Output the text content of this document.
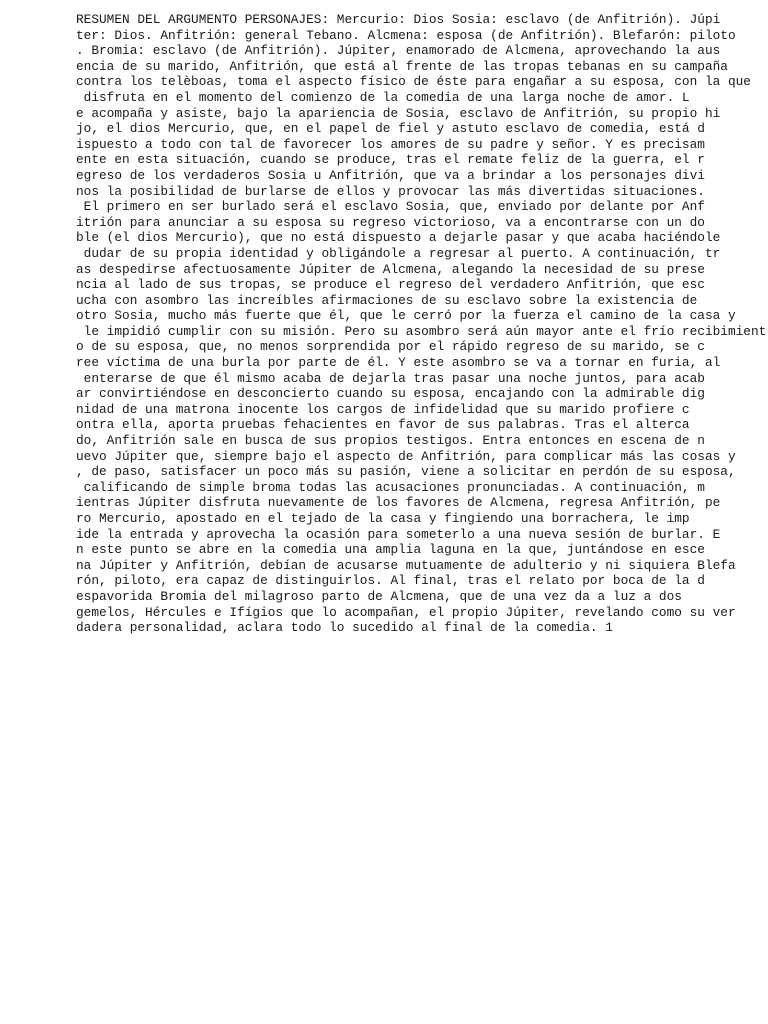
RESUMEN DEL ARGUMENTO PERSONAJES: Mercurio: Dios Sosia: esclavo (de Anfitrión). Júpi
ter: Dios. Anfitrión: general Tebano. Alcmena: esposa (de Anfitrión). Blefarón: piloto
. Bromia: esclavo (de Anfitrión). Júpiter, enamorado de Alcmena, aprovechando la aus
encia de su marido, Anfitrión, que está al frente de las tropas tebanas en su campaña
contra los telèboas, toma el aspecto físico de éste para engañar a su esposa, con la que
disfruta en el momento del comienzo de la comedia de una larga noche de amor. L
e acompaña y asiste, bajo la apariencia de Sosia, esclavo de Anfitrión, su propio hi
jo, el dios Mercurio, que, en el papel de fiel y astuto esclavo de comedia, está d
ispuesto a todo con tal de favorecer los amores de su padre y señor. Y es precisam
ente en esta situación, cuando se produce, tras el remate feliz de la guerra, el r
egreso de los verdaderos Sosia u Anfitrión, que va a brindar a los personajes divi
nos la posibilidad de burlarse de ellos y provocar las más divertidas situaciones.
El primero en ser burlado será el esclavo Sosia, que, enviado por delante por Anf
itrión para anunciar a su esposa su regreso victorioso, va a encontrarse con un do
ble (el dios Mercurio), que no está dispuesto a dejarle pasar y que acaba haciéndole
dudar de su propia identidad y obligándole a regresar al puerto. A continuación, tr
as despedirse afectuosamente Júpiter de Alcmena, alegando la necesidad de su prese
ncia al lado de sus tropas, se produce el regreso del verdadero Anfitrión, que esc
ucha con asombro las increíbles afirmaciones de su esclavo sobre la existencia de
otro Sosia, mucho más fuerte que él, que le cerró por la fuerza el camino de la casa y
le impidió cumplir con su misión. Pero su asombro será aún mayor ante el frío recibimient
o de su esposa, que, no menos sorprendida por el rápido regreso de su marido, se c
ree víctima de una burla por parte de él. Y este asombro se va a tornar en furia, al
enterarse de que él mismo acaba de dejarla tras pasar una noche juntos, para acab
ar convirtiéndose en desconcierto cuando su esposa, encajando con la admirable dig
nidad de una matrona inocente los cargos de infidelidad que su marido profiere c
ontra ella, aporta pruebas fehacientes en favor de sus palabras. Tras el alterca
do, Anfitrión sale en busca de sus propios testigos. Entra entonces en escena de n
uevo Júpiter que, siempre bajo el aspecto de Anfitrión, para complicar más las cosas y
, de paso, satisfacer un poco más su pasión, viene a solicitar en perdón de su esposa,
calificando de simple broma todas las acusaciones pronunciadas. A continuación, m
ientras Júpiter disfruta nuevamente de los favores de Alcmena, regresa Anfitrión, pe
ro Mercurio, apostado en el tejado de la casa y fingiendo una borrachera, le imp
ide la entrada y aprovecha la ocasión para someterlo a una nueva sesión de burlar. E
n este punto se abre en la comedia una amplia laguna en la que, juntándose en esce
na Júpiter y Anfitrión, debían de acusarse mutuamente de adulterio y ni siquiera Blefa
rón, piloto, era capaz de distinguirlos. Al final, tras el relato por boca de la d
espavorida Bromia del milagroso parto de Alcmena, que de una vez da a luz a dos
gemelos, Hércules e Ifígios que lo acompañan, el propio Júpiter, revelando como su ver
dadera personalidad, aclara todo lo sucedido al final de la comedia. 1
